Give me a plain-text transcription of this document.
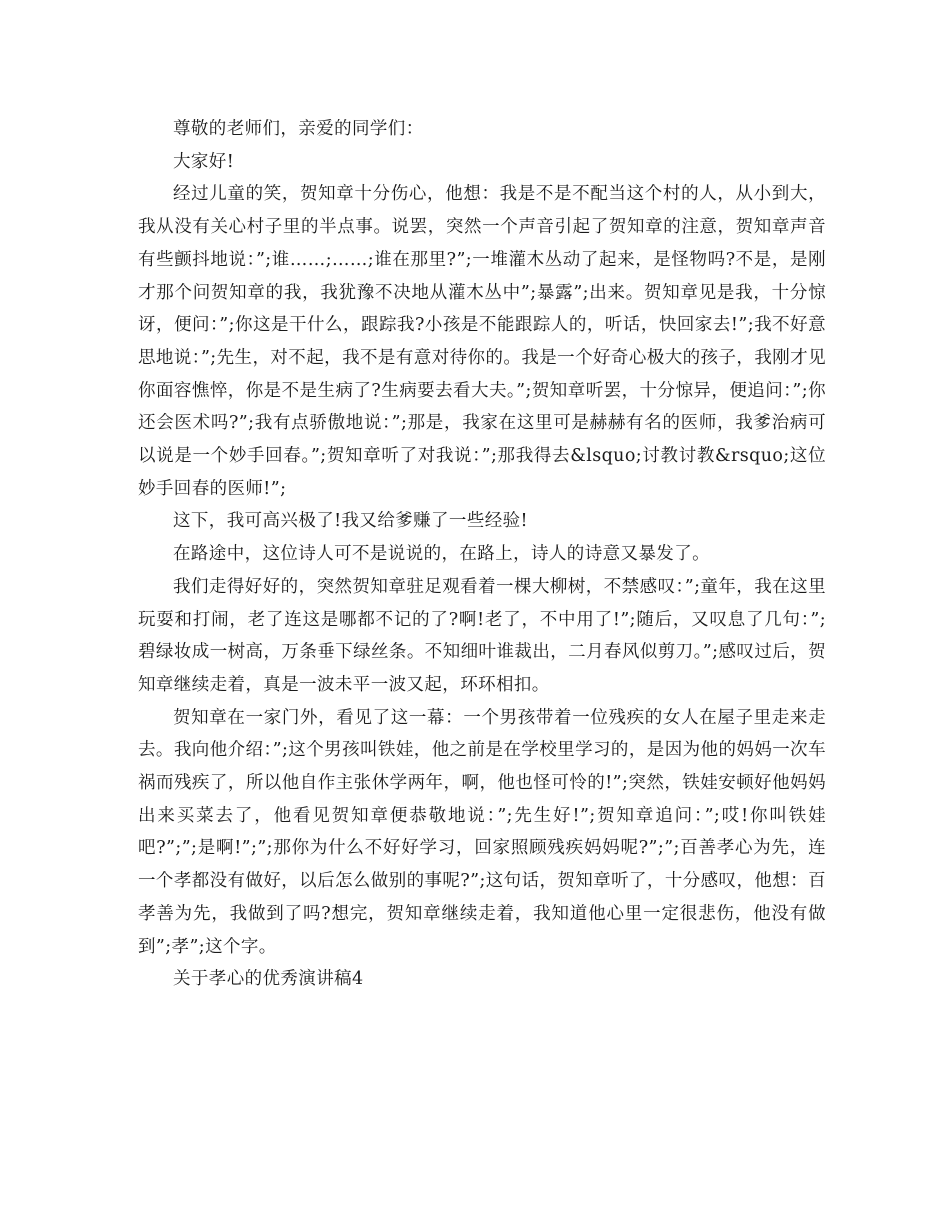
尊敬的老师们，亲爱的同学们：

大家好!

经过儿童的笑，贺知章十分伤心，他想：我是不是不配当这个村的人，从小到大，我从没有关心村子里的半点事。说罢，突然一个声音引起了贺知章的注意，贺知章声音有些颤抖地说：”;谁……;……;谁在那里?”;一堆灌木丛动了起来，是怪物吗?不是，是刚才那个问贺知章的我，我犹豫不决地从灌木丛中”;暴露”;出来。贺知章见是我，十分惊讶，便问：”;你这是干什么，跟踪我?小孩是不能跟踪人的，听话，快回家去!”;我不好意思地说：”;先生，对不起，我不是有意对待你的。我是一个好奇心极大的孩子，我刚才见你面容憔悴，你是不是生病了?生病要去看大夫。”;贺知章听罢，十分惊异，便追问：”;你还会医术吗?”;我有点骄傲地说：”;那是，我家在这里可是赫赫有名的医师，我爹治病可以说是一个妙手回春。”;贺知章听了对我说：”;那我得去&lsquo;讨教讨教&rsquo;这位妙手回春的医师!”;

这下，我可高兴极了!我又给爹赚了一些经验!

在路途中，这位诗人可不是说说的，在路上，诗人的诗意又暴发了。

我们走得好好的，突然贺知章驻足观看着一棵大柳树，不禁感叹：”;童年，我在这里玩耍和打闹，老了连这是哪都不记的了?啊!老了，不中用了!”;随后，又叹息了几句：”;碧绿妆成一树高，万条垂下绿丝条。不知细叶谁裁出，二月春风似剪刀。”;感叹过后，贺知章继续走着，真是一波未平一波又起，环环相扣。

贺知章在一家门外，看见了这一幕：一个男孩带着一位残疾的女人在屋子里走来走去。我向他介绍：”;这个男孩叫铁娃，他之前是在学校里学习的，是因为他的妈妈一次车祸而残疾了，所以他自作主张休学两年，啊，他也怪可怜的!”;突然，铁娃安顿好他妈妈出来买菜去了，他看见贺知章便恭敬地说：”;先生好!”;贺知章追问：”;哎!你叫铁娃吧?”;”;是啊!”;”;那你为什么不好好学习，回家照顾残疾妈妈呢?”;”;百善孝心为先，连一个孝都没有做好，以后怎么做别的事呢?”;这句话，贺知章听了，十分感叹，他想：百孝善为先，我做到了吗?想完，贺知章继续走着，我知道他心里一定很悲伤，他没有做到”;孝”;这个字。

关于孝心的优秀演讲稿4
